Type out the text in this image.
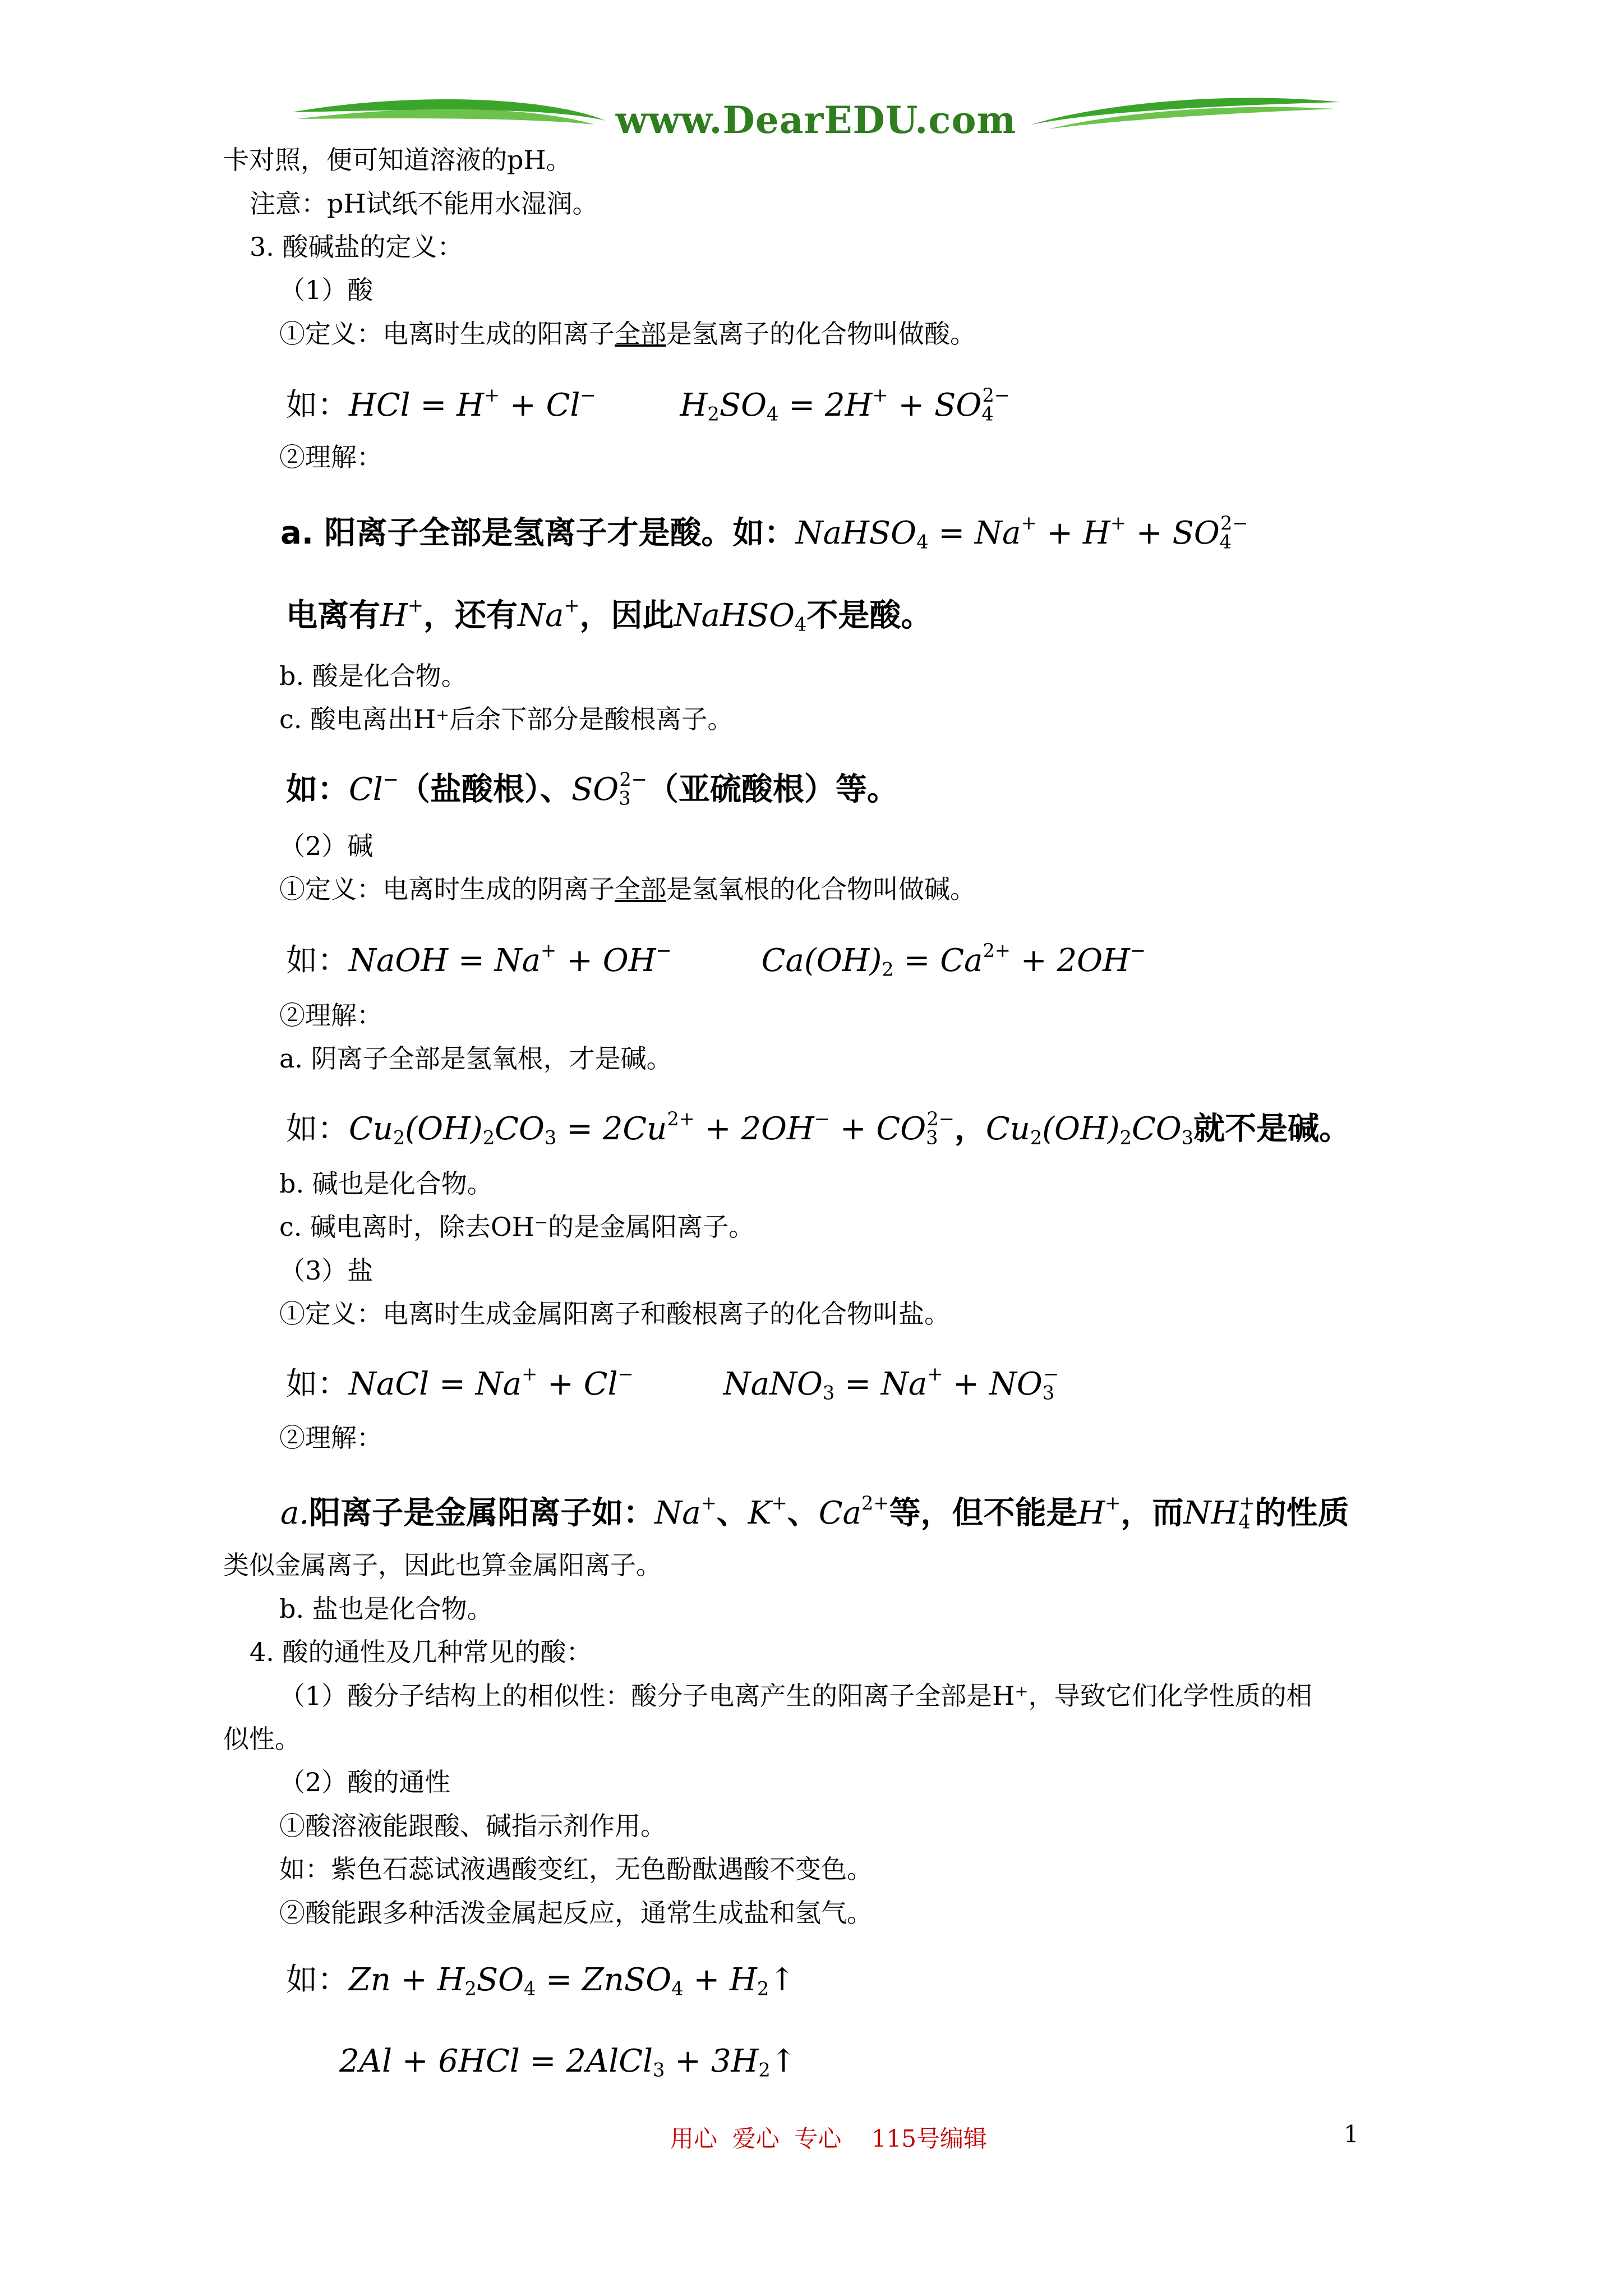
www.DearEDU.com
卡对照，便可知道溶液的pH。
注意：pH试纸不能用水湿润。
3. 酸碱盐的定义：
（1）酸
①定义：电离时生成的阳离子全部是氢离子的化合物叫做酸。
如：HCl = H+ + Cl−	$H_2SO_4 = 2H^+ + SO_4^{2-}$
②理解：
a. 阳离子全部是氢离子才是酸。如：NaHSO$_4$ = $Na^+ + H^+ + SO_4^{2-}$
电离有H+，还有Na+，因此NaHSO$_4$不是酸。
b. 酸是化合物。
c. 酸电离出H⁺后余下部分是酸根离子。
如：Cl−（盐酸根）、$SO_3^{2-}$（亚硫酸根）等。
（2）碱
①定义：电离时生成的阴离子全部是氢氧根的化合物叫做碱。
如：NaOH = Na+ + OH−	$Ca(OH)_2 = Ca^{2+} + 2OH^-$
②理解：
a. 阴离子全部是氢氧根，才是碱。
如：$Cu_2(OH)_2CO_3 = 2Cu^{2+} + 2OH^- + CO_3^{2-}$，$Cu_2(OH)_2CO_3$就不是碱。
b. 碱也是化合物。
c. 碱电离时，除去OH⁻的是金属阳离子。
（3）盐
①定义：电离时生成金属阳离子和酸根离子的化合物叫盐。
如：NaCl = Na+ + Cl−	NaNO$_3$ = $Na^+ + NO_3^-$
②理解：
a.阳离子是金属阳离子如：Na+、K+、$Ca^{2+}$等，但不能是H+，而$NH_4^+$的性质
类似金属离子，因此也算金属阳离子。
b. 盐也是化合物。
4. 酸的通性及几种常见的酸：
（1）酸分子结构上的相似性：酸分子电离产生的阳离子全部是H⁺，导致它们化学性质的相
似性。
（2）酸的通性
①酸溶液能跟酸、碱指示剂作用。
如：紫色石蕊试液遇酸变红，无色酚酞遇酸不变色。
②酸能跟多种活泼金属起反应，通常生成盐和氢气。
如：$Zn + H_2SO_4$ = ZnSO$_4$ + $H_2↑$
2Al + 6HCl = 2AlCl$_3$ + $3H_2↑$
用心  爱心  专心    115号编辑	1
